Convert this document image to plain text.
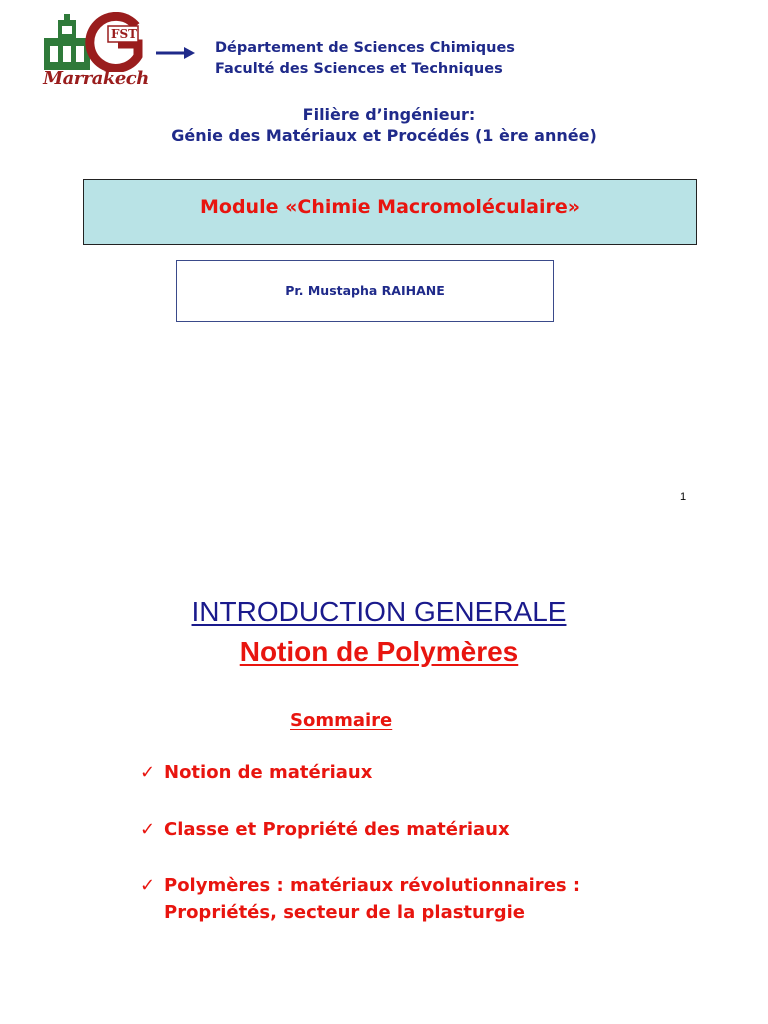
FST
Marrakech
Département de Sciences Chimiques
Faculté des Sciences et Techniques
Filière d’ingénieur:
Génie des Matériaux et Procédés (1 ère année)
Module «Chimie Macromoléculaire»
Pr. Mustapha RAIHANE
1
INTRODUCTION GENERALE
Notion de Polymères
Sommaire
✓ Notion de matériaux
✓ Classe et Propriété des matériaux
✓ Polymères : matériaux révolutionnaires :
Propriétés, secteur de la plasturgie
